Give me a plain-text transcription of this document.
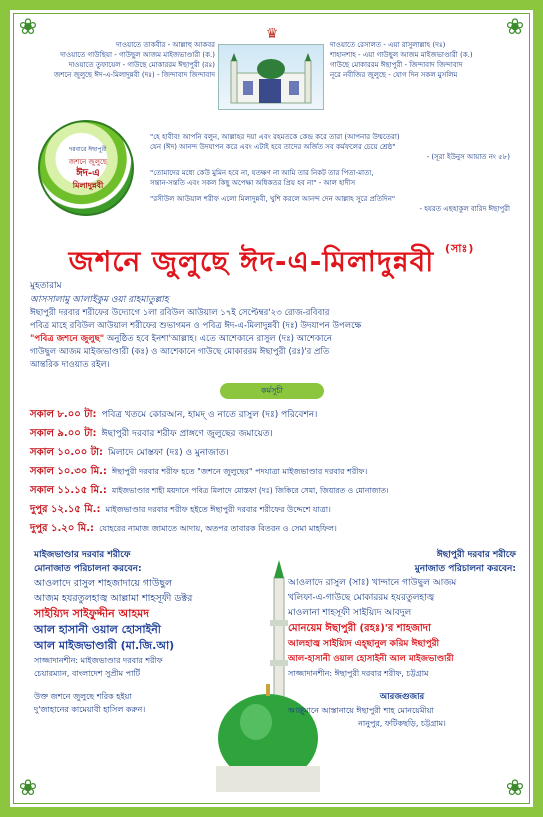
❀	❀
❀	❀
দাওয়াতে তাকবীর - আল্লাহু আকবর
দাওয়াতে গাউছিয়া - গাউছুল আজম মাইজভাণ্ডারী (ক.)
দাওয়াতে তুফায়েল - গাউছে মোকাররম ঈছাপুরী (রঃ)
জশনে জুলুছে ঈদ-এ-মিলাদুন্নবী (দঃ) - জিন্দাবাদ জিন্দাবাদ
♛
দাওয়াতে রেসালত - এয়া রাসুলাল্লাহ (দঃ)
শাহানশাহ - এয়া গাউছুল আজম মাইজভাণ্ডারী (ক.)
গাউছে মোকাররম ঈছাপুরী - জিন্দাবাদ জিন্দাবাদ
নূরে নবীজির জুলুছে - যোগ দিন সকল মুসলিম
দরবারে ঈছাপুরী
জশনে জুলুছে
ঈদ-এ
মিলাদুন্নবী
"হে হাবীব! আপনি বলুন, আল্লাহর দয়া এবং রহমতকে কেন্দ্র করে তারা (আপনার উম্মতেরা)
যেন (ঈদ) আনন্দ উদযাপন করে এবং এটাই হবে তাদের অর্জিত সব কর্মফলের চেয়ে শ্রেষ্ঠ"
- (সূরা ইউনুস আয়াত নং ৫৮)
"তোমাদের মধ্যে কেউ মুমিন হবে না, যতক্ষণ না আমি তার নিকট তার পিতা-মাতা,
সন্তান-সন্ততি এবং সকল কিছু অপেক্ষা অধিকতর প্রিয় হব না" - আল হাদীস
"রসীউল আউয়াল শরীফ এলো মিলাদুন্নবী, খুশি করলে আনন্দ দেন আল্লাহ সুরে প্রতিদিন"
- হযরত এছহাকুল বারিদ ঈছাপুরী
জশনে জুলুছে ঈদ-এ-মিলাদুন্নবী $^{(সাঃ)}$
মুহতারাম
আসসালামু আলাইকুম ওয়া রাহমাতুল্লাহ
ঈছাপুরী দরবার শরীফের উদ্যোগে ১লা রবিউল আউয়াল ১৭ই সেপ্টেম্বর'২৩ রোজ-রবিবার
পবিত্র মাহে রবিউল আউয়াল শরীফের শুভাগমন ও পবিত্র ঈদ-এ-মিলাদুন্নবী (দঃ) উদযাপন উপলক্ষে
"পবিত্র জশনে জুলুছ" অনুষ্ঠিত হবে ইনশা'আল্লাহ। এতে আশেকানে রাসুল (দঃ) আশেকানে
গাউছুল আজম মাইজভাণ্ডারী (কঃ) ও আশেকানে গাউছে মোকাররম ঈছাপুরী (রঃ)'র প্রতি
আন্তরিক দাওয়াত রইল।
কর্মসূচী
সকাল ৮.০০ টা: পবিত্র খতমে কোরআন, হামদ্ ও নাতে রাসুল (দঃ) পরিবেশন।
সকাল ৯.০০ টা: ঈছাপুরী দরবার শরীফ প্রাঙ্গণে জুলুছের জমায়েত।
সকাল ১০.০০ টা: মিলাদে মোস্তফা (দঃ) ও মুনাজাত।
সকাল ১০.৩০ মি.: ঈছাপুরী দরবার শরীফ হতে "জশনে জুলুছের" পদযাত্রা মাইজভাণ্ডার দরবার শরীফ।
সকাল ১১.১৫ মি.: মাইজভাণ্ডার শাহী ময়দানে পবিত্র মিলাদে মোস্তফা (দঃ) জিকিরে সেমা, জিয়ারত ও মোনাজাত।
দুপুর ১২.১৫ মি.: মাইজভাণ্ডার দরবার শরীফ হইতে ঈছাপুরী দরবার শরীফের উদ্দেশে যাত্রা।
দুপুর ১.২০ মি.: যোহরের নামাজ জামাতে আদায়, অতপর তাবারক বিতরন ও সেমা মাহফিল।
মাইজভাণ্ডার দরবার শরীফে
মোনাজাত পরিচালনা করবেন:
আওলাদে রাসুল শাহজাদায়ে গাউছুল
আজম হযরতুলহাজ্ব আল্লামা শাহসূফী ডক্টর
সাইয়্যিদ সাইফুদ্দীন আহমদ
আল হাসানী ওয়াল হোসাইনী
আল মাইজভাণ্ডারী (মা.জি.আ)
সাজ্জাদানশীন: মাইজভাণ্ডার দরবার শরীফ
চেয়ারম্যান, বাংলাদেশ সুপ্রীম পার্টি
উক্ত জশনে জুলুছে শরিক হইয়া
দু'জাহানের কামেয়াবী হাসিল করুন।
ঈছাপুরী দরবার শরীফে
মুনাজাত পরিচালনা করবেন:
আওলাদে রাসুল (সাঃ) খান্দানে গাউছুল আজম
খলিফা-এ-গাউছে মোকাররম হযরতুলহাজ্ব
মাওলানা শাহসূফী সাইয়্যিদ আবদুল
মোনয়েম ঈছাপুরী (রহঃ)'র শাহজাদা
আলহাজ্ব সাইয়্যিদ এহ্ছানুল করিম ঈছাপুরী
আল-হাসানী ওয়াল হোসাইনী আল মাইজভাণ্ডারী
সাজ্জাদানশীন: ঈছাপুরী দরবার শরীফ, চট্টগ্রাম
আরজগুজার
আঞ্জুমানে আস্তানায়ে ঈছাপুরী শাহ মোনয়েমীয়া
নানুপুর, ফটিকছড়ি, চট্টগ্রাম।
